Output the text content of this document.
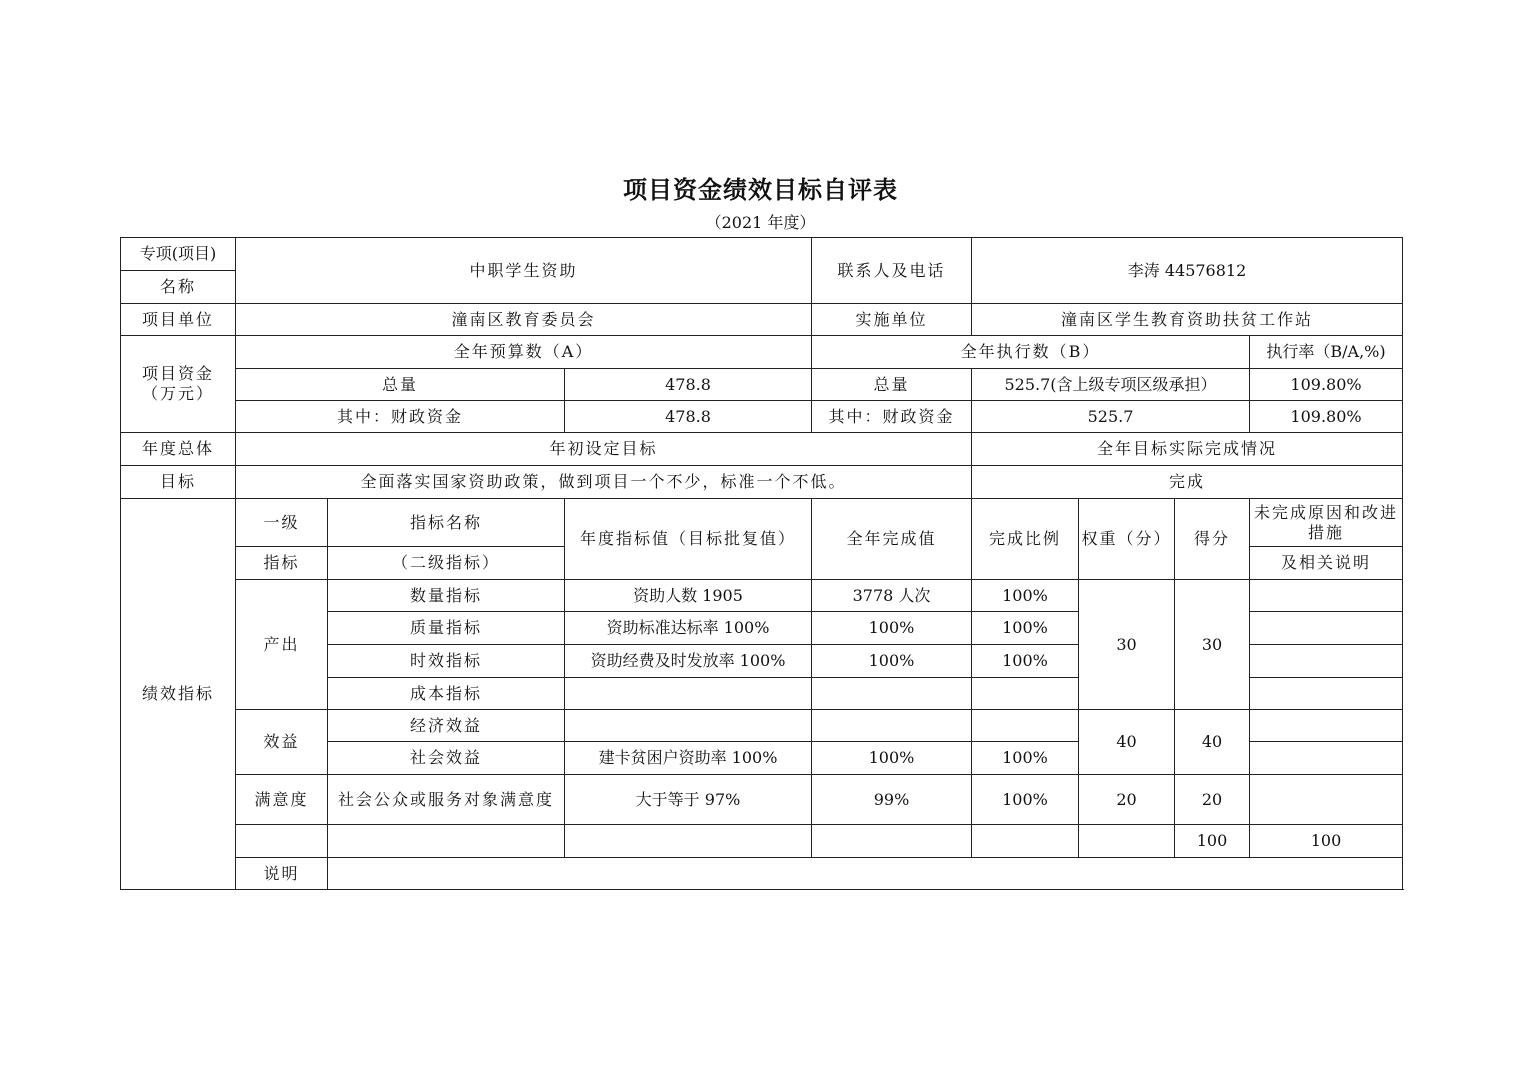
项目资金绩效目标自评表
（2021 年度）
专项(项目)	中职学生资助			联系人及电话	李涛 44576812				
名称									
项目单位	潼南区教育委员会			实施单位	潼南区学生教育资助扶贫工作站				

项目资金
（万元）	全年预算数（A）			全年执行数（B）				执行率（B/A,%)	
	总量		478.8	总量	525.7(含上级专项区级承担）			109.80%	
	其中：财政资金		478.8	其中：财政资金	525.7			109.80%	
年度总体	年初设定目标				全年目标实际完成情况				
目标	全面落实国家资助政策，做到项目一个不少，标准一个不低。				完成				
绩效指标	一级	指标名称	年度指标值（目标批复值）	全年完成值	完成比例	权重（分）	得分	未完成原因和改进措施	
	指标	（二级指标）						及相关说明	
	产出	数量指标	资助人数 1905	3778 人次	100%	30	30		
		质量指标	资助标准达标率 100%	100%	100%				
		时效指标	资助经费及时发放率 100%	100%	100%				
		成本指标							
	效益	经济效益				40	40		
		社会效益	建卡贫困户资助率 100%	100%	100%				
	满意度	社会公众或服务对象满意度	大于等于 97%	99%	100%	20	20		
							100	100	
	说明								
